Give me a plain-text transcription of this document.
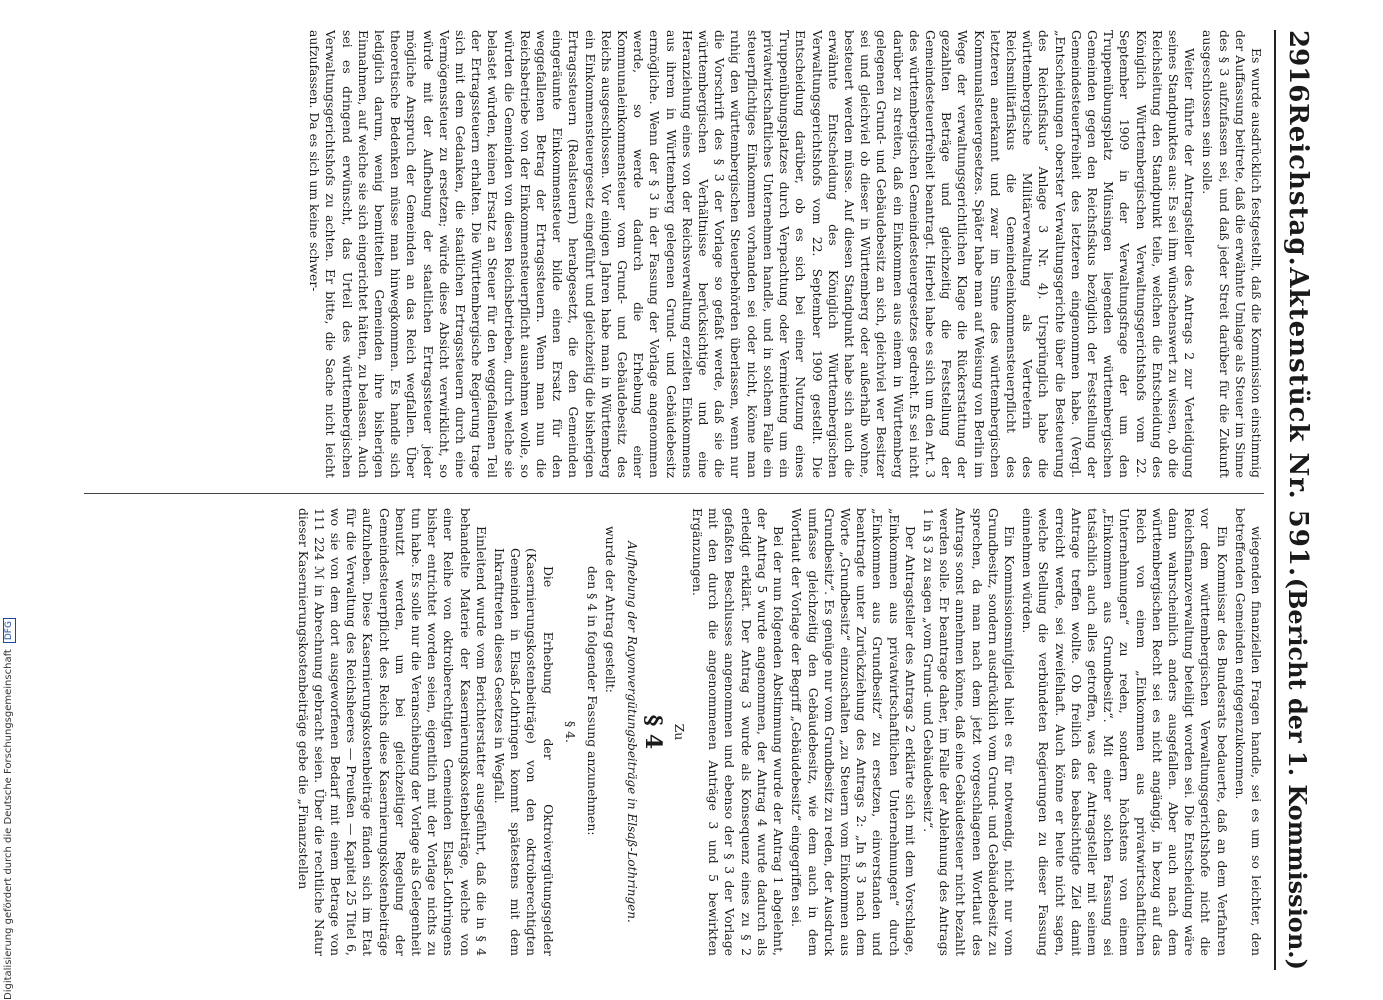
2916
Reichstag.
Aktenstück Nr. 591.
(Bericht der 1. Kommission.)

Es wurde ausdrücklich festgestellt, daß die Kommission einstimmig der Auffassung beitrete, daß die erwähnte Umlage als Steuer im Sinne des § 3 aufzufassen sei, und daß jeder Streit darüber für die Zukunft ausgeschlossen sein solle.

Weiter führte der Antragsteller des Antrags 2 zur Verteidigung seines Standpunktes aus: Es sei ihm wünschenswert zu wissen, ob die Reichsleitung den Standpunkt teile, welchen die Entscheidung des Königlich Württembergischen Verwaltungsgerichtshofs vom 22. September 1909 in der Verwaltungsfrage der um den Truppenübungsplatz Münsingen liegenden württembergischen Gemeinden gegen den Reichsfiskus bezüglich der Feststellung der Gemeindesteuerfreiheit des letzteren eingenommen habe. (Vergl. „Entscheidungen oberster Verwaltungsgerichte über die Besteuerung des Reichsfiskus“ Anlage 3 Nr. 4). Ursprünglich habe die württembergische Militärverwaltung als Vertreterin des Reichsmilitärfiskus die Gemeindeeinkommensteuerpflicht des letzteren anerkannt und zwar im Sinne des württembergischen Kommunalsteuergesetzes. Später habe man auf Weisung von Berlin im Wege der verwaltungsgerichtlichen Klage die Rückerstattung der gezahlten Beträge und gleichzeitig die Feststellung der Gemeindesteuerfreiheit beantragt. Hierbei habe es sich um den Art. 3 des württembergischen Gemeindesteuergesetzes gedreht. Es sei nicht darüber zu streiten, daß ein Einkommen aus einem in Württemberg gelegenen Grund- und Gebäudebesitz an sich, gleichviel wer Besitzer sei und gleichviel ob dieser in Württemberg oder außerhalb wohne, besteuert werden müsse. Auf diesen Standpunkt habe sich auch die erwähnte Entscheidung des Königlich Württembergischen Verwaltungsgerichtshofs vom 22. September 1909 gestellt. Die Entscheidung darüber, ob es sich bei einer Nutzung eines Truppenübungsplatzes durch Verpachtung oder Vermietung um ein privatwirtschaftliches Unternehmen handle, und in solchem Falle ein steuerpflichtiges Einkommen vorhanden sei oder nicht, könne man ruhig den württembergischen Steuerbehörden überlassen, wenn nur die Vorschrift des § 3 der Vorlage so gefaßt werde, daß sie die württembergischen Verhältnisse berücksichtige und eine Heranziehung eines von der Reichsverwaltung erzielten Einkommens aus ihrem in Württemberg gelegenen Grund- und Gebäudebesitz ermögliche. Wenn der § 3 in der Fassung der Vorlage angenommen werde, so werde dadurch die Erhebung einer Kommunaleinkommensteuer vom Grund- und Gebäudebesitz des Reichs ausgeschlossen. Vor einigen Jahren habe man in Württemberg ein Einkommensteuergesetz eingeführt und gleichzeitig die bisherigen Ertragssteuern (Realsteuern) herabgesetzt, die den Gemeinden eingeräumte Einkommensteuer bilde einen Ersatz für den weggefallenen Betrag der Ertragssteuern. Wenn man nun die Reichsbetriebe von der Einkommensteuerpflicht ausnehmen wolle, so würden die Gemeinden von diesen Reichsbetrieben, durch welche sie belastet würden, keinen Ersatz an Steuer für den weggefallenen Teil der Ertragssteuern erhalten. Die Württembergische Regierung trage sich mit dem Gedanken, die staatlichen Ertragssteuern durch eine Vermögenssteuer zu ersetzen; würde diese Absicht verwirklicht, so würde mit der Aufhebung der staatlichen Ertragssteuer jeder mögliche Anspruch der Gemeinden an das Reich wegfallen. Über theoretische Bedenken müsse man hinwegkommen. Es handle sich lediglich darum, wenig bemittelten Gemeinden ihre bisherigen Einnahmen, auf welche sie sich eingerichtet hätten, zu belassen. Auch sei es dringend erwünscht, das Urteil des württembergischen Verwaltungsgerichtshofs zu achten. Er bitte, die Sache nicht leicht aufzufassen. Da es sich um keine schwer-

wiegenden finanziellen Fragen handle, sei es um so leichter, den betreffenden Gemeinden entgegenzukommen.

Ein Kommissar des Bundesrats bedauerte, daß an dem Verfahren vor dem württembergischen Verwaltungsgerichtshofe nicht die Reichsfinanzverwaltung beteiligt worden sei. Die Entscheidung wäre dann wahrscheinlich anders ausgefallen. Aber auch nach dem württembergischen Recht sei es nicht angängig, in bezug auf das Reich von einem „Einkommen aus privatwirtschaftlichen Unternehmungen“ zu reden, sondern höchstens von einem „Einkommen aus Grundbesitz“. Mit einer solchen Fassung sei tatsächlich auch alles getroffen, was der Antragsteller mit seinem Antrage treffen wollte. Ob freilich das beabsichtigte Ziel damit erreicht werde, sei zweifelhaft. Auch könne er heute nicht sagen, welche Stellung die verbündeten Regierungen zu dieser Fassung einnehmen würden.

Ein Kommissionsmitglied hielt es für notwendig, nicht nur vom Grundbesitz, sondern ausdrücklich vom Grund- und Gebäudebesitz zu sprechen, da man nach dem jetzt vorgeschlagenen Wortlaut des Antrags sonst annehmen könne, daß eine Gebäudesteuer nicht bezahlt werden solle. Er beantrage daher, im Falle der Ablehnung des Antrags 1 in § 3 zu sagen „vom Grund- und Gebäudebesitz“.

Der Antragsteller des Antrags 2 erklärte sich mit dem Vorschlage, „Einkommen aus privatwirtschaftlichen Unternehmungen“ durch „Einkommen aus Grundbesitz“ zu ersetzen, einverstanden und beantragte unter Zurückziehung des Antrags 2: „In § 3 nach dem Worte „Grundbesitz“ einzuschalten „zu Steuern vom Einkommen aus Grundbesitz“. Es genüge nur vom Grundbesitz zu reden, der Ausdruck umfasse gleichzeitig den Gebäudebesitz, wie dem auch in dem Wortlaut der Vorlage der Begriff „Gebäudebesitz“ eingegriffen sei.

Bei der nun folgenden Abstimmung wurde der Antrag 1 abgelehnt, der Antrag 5 wurde angenommen, der Antrag 4 wurde dadurch als erledigt erklärt. Der Antrag 3 wurde als Konsequenz eines zu § 2 gefaßten Beschlusses angenommen und ebenso der § 3 der Vorlage mit den durch die angenommenen Anträge 3 und 5 bewirkten Ergänzungen.

Zu

§ 4

Aufhebung der Rayonvergütungsbeiträge in Elsaß-Lothringen.

wurde der Antrag gestellt:

den § 4 in folgender Fassung anzunehmen:

§ 4.

Die Erhebung der Oktroivergütungsgelder (Kasernierungskostenbeiträge) von den oktroiberechtigten Gemeinden in Elsaß-Lothringen kommt spätestens mit dem Inkrafttreten dieses Gesetzes in Wegfall.

Einleitend wurde vom Berichterstatter ausgeführt, daß die in § 4 behandelte Materie der Kasernierungskostenbeiträge, welche von einer Reihe von oktroiberechtigten Gemeinden Elsaß-Lothringens bisher entrichtet worden seien, eigentlich mit der Vorlage nichts zu tun habe. Es solle nur die Veranschiebung der Vorlage als Gelegenheit benutzt werden, um bei gleichzeitiger Regelung der Gemeindesteuerpflicht des Reichs diese Kasernierungskostenbeiträge aufzuheben. Diese Kasernierungskostenbeiträge fänden sich im Etat für die Verwaltung des Reichsheeres — Preußen — Kapitel 25 Titel 6, wo sie von dem dort ausgeworfenen Bedarf mit einem Betrage von 111 224 ℳ in Abrechnung gebracht seien. Über die rechtliche Natur dieser Kasernierungskostenbeiträge gebe die „Finanzstellen

Digitalisierung gefördert durch die Deutsche Forschungsgemeinschaft
DFG
